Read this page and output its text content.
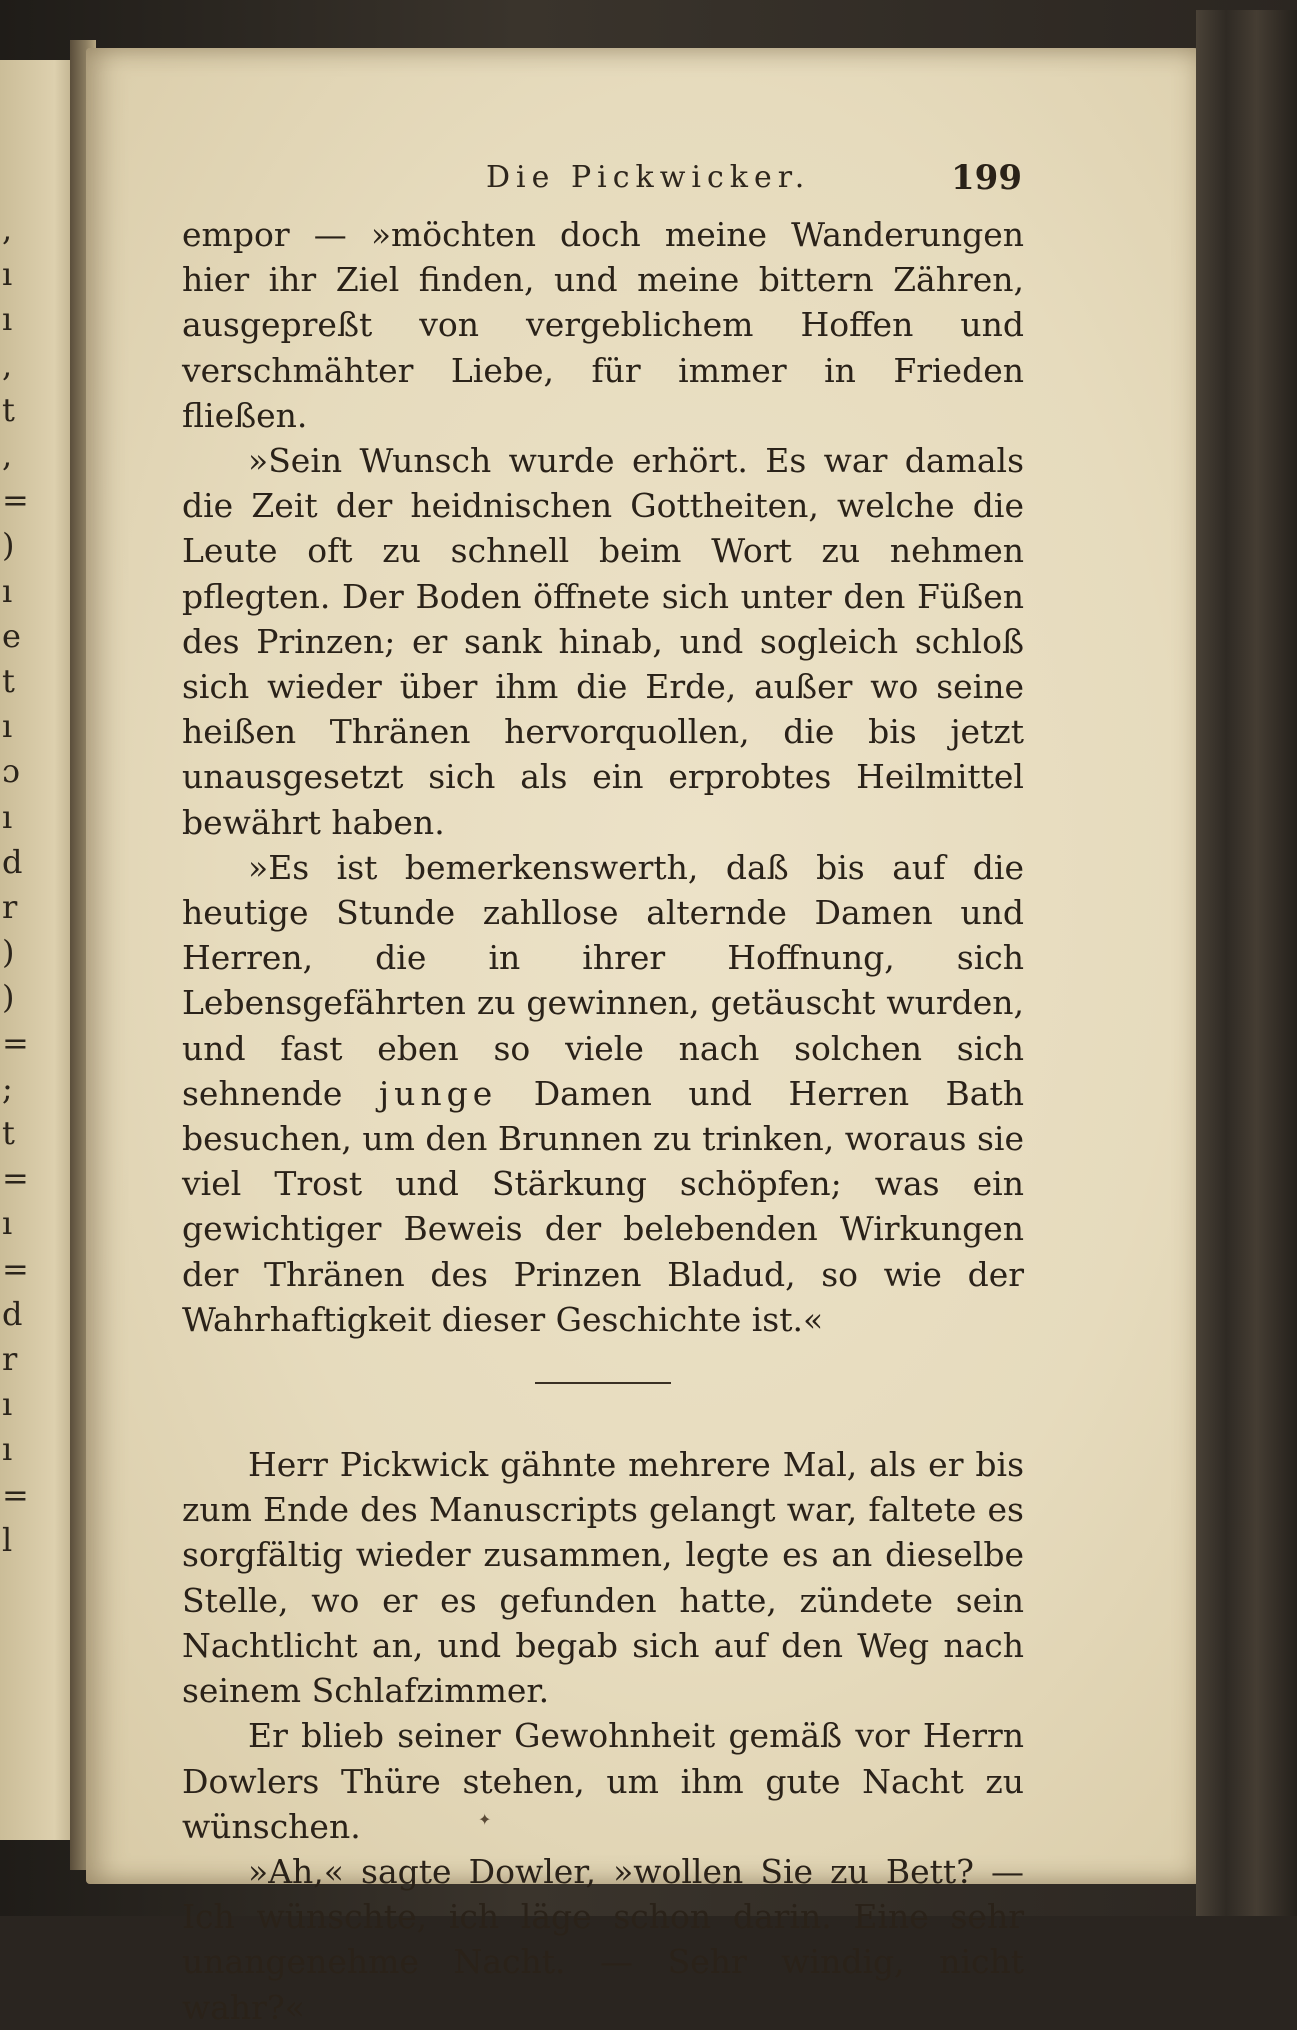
,
ı
ı
,
t
,
=
)
ı
e
t
ı
ɔ
ı
d
r
)
)
=
;
t
=
ı
=
d
r
ı
ı
=
l
Die Pickwicker.	199

empor — »möchten doch meine Wanderungen hier ihr Ziel finden, und meine bittern Zähren, ausgepreßt von vergeblichem Hoffen und verschmähter Liebe, für immer in Frieden fließen.

»Sein Wunsch wurde erhört. Es war damals die Zeit der heidnischen Gottheiten, welche die Leute oft zu schnell beim Wort zu nehmen pflegten. Der Boden öffnete sich unter den Füßen des Prinzen; er sank hinab, und sogleich schloß sich wieder über ihm die Erde, außer wo seine heißen Thränen hervorquollen, die bis jetzt unausgesetzt sich als ein erprobtes Heilmittel bewährt haben.

»Es ist bemerkenswerth, daß bis auf die heutige Stunde zahllose alternde Damen und Herren, die in ihrer Hoffnung, sich Lebensgefährten zu gewinnen, getäuscht wurden, und fast eben so viele nach solchen sich sehnende junge Damen und Herren Bath besuchen, um den Brunnen zu trinken, woraus sie viel Trost und Stärkung schöpfen; was ein gewichtiger Beweis der belebenden Wirkungen der Thränen des Prinzen Bladud, so wie der Wahrhaftigkeit dieser Geschichte ist.«

Herr Pickwick gähnte mehrere Mal, als er bis zum Ende des Manuscripts gelangt war, faltete es sorgfältig wieder zusammen, legte es an dieselbe Stelle, wo er es gefunden hatte, zündete sein Nachtlicht an, und begab sich auf den Weg nach seinem Schlafzimmer.

Er blieb seiner Gewohnheit gemäß vor Herrn Dowlers Thüre stehen, um ihm gute Nacht zu wünschen.

»Ah,« sagte Dowler, »wollen Sie zu Bett? — Ich wünschte, ich läge schon darin. Eine sehr unangenehme Nacht. — Sehr windig, nicht wahr?«

✦
